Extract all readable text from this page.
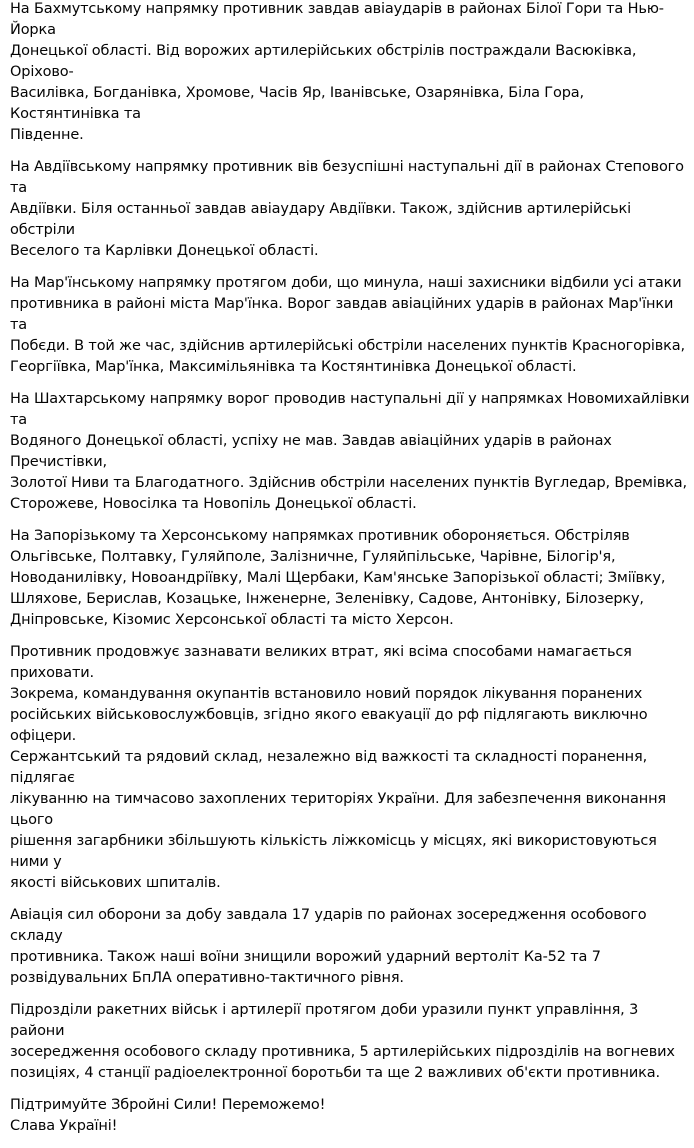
На Бахмутському напрямку противник завдав авіаударів в районах Білої Гори та Нью-Йорка
Донецької області. Від ворожих артилерійських обстрілів постраждали Васюківка, Оріхово-
Василівка, Богданівка, Хромове, Часів Яр, Іванівське, Озарянівка, Біла Гора, Костянтинівка та
Південне.

На Авдіївському напрямку противник вів безуспішні наступальні дії в районах Степового та
Авдіївки. Біля останньої завдав авіаудару Авдіївки. Також, здійснив артилерійські обстріли
Веселого та Карлівки Донецької області.

На Мар'їнському напрямку протягом доби, що минула, наші захисники відбили усі атаки
противника в районі міста Мар'їнка. Ворог завдав авіаційних ударів в районах Мар'їнки та
Побєди. В той же час, здійснив артилерійські обстріли населених пунктів Красногорівка,
Георгіївка, Мар'їнка, Максимільянівка та Костянтинівка Донецької області.

На Шахтарському напрямку ворог проводив наступальні дії у напрямках Новомихайлівки та
Водяного Донецької області, успіху не мав. Завдав авіаційних ударів в районах Пречистівки,
Золотої Ниви та Благодатного. Здійснив обстріли населених пунктів Вугледар, Времівка,
Сторожеве, Новосілка та Новопіль Донецької області.

На Запорізькому та Херсонському напрямках противник обороняється. Обстріляв
Ольгівське, Полтавку, Гуляйполе, Залізничне, Гуляйпільське, Чарівне, Білогір'я,
Новоданилівку, Новоандріївку, Малі Щербаки, Кам'янське Запорізької області; Зміївку,
Шляхове, Берислав, Козацьке, Інженерне, Зеленівку, Садове, Антонівку, Білозерку,
Дніпровське, Кізомис Херсонської області та місто Херсон.

Противник продовжує зазнавати великих втрат, які всіма способами намагається приховати.
Зокрема, командування окупантів встановило новий порядок лікування поранених
російських військовослужбовців, згідно якого евакуації до рф підлягають виключно офіцери.
Сержантський та рядовий склад, незалежно від важкості та складності поранення, підлягає
лікуванню на тимчасово захоплених територіях України. Для забезпечення виконання цього
рішення загарбники збільшують кількість ліжкомісць у місцях, які використовуються ними у
якості військових шпиталів.

Авіація сил оборони за добу завдала 17 ударів по районах зосередження особового складу
противника. Також наші воїни знищили ворожий ударний вертоліт Ка-52 та 7
розвідувальних БпЛА оперативно-тактичного рівня.

Підрозділи ракетних військ і артилерії протягом доби уразили пункт управління, 3 райони
зосередження особового складу противника, 5 артилерійських підрозділів на вогневих
позиціях, 4 станції радіоелектронної боротьби та ще 2 важливих об'єкти противника.

Підтримуйте Збройні Сили! Переможемо!
Слава Україні!
